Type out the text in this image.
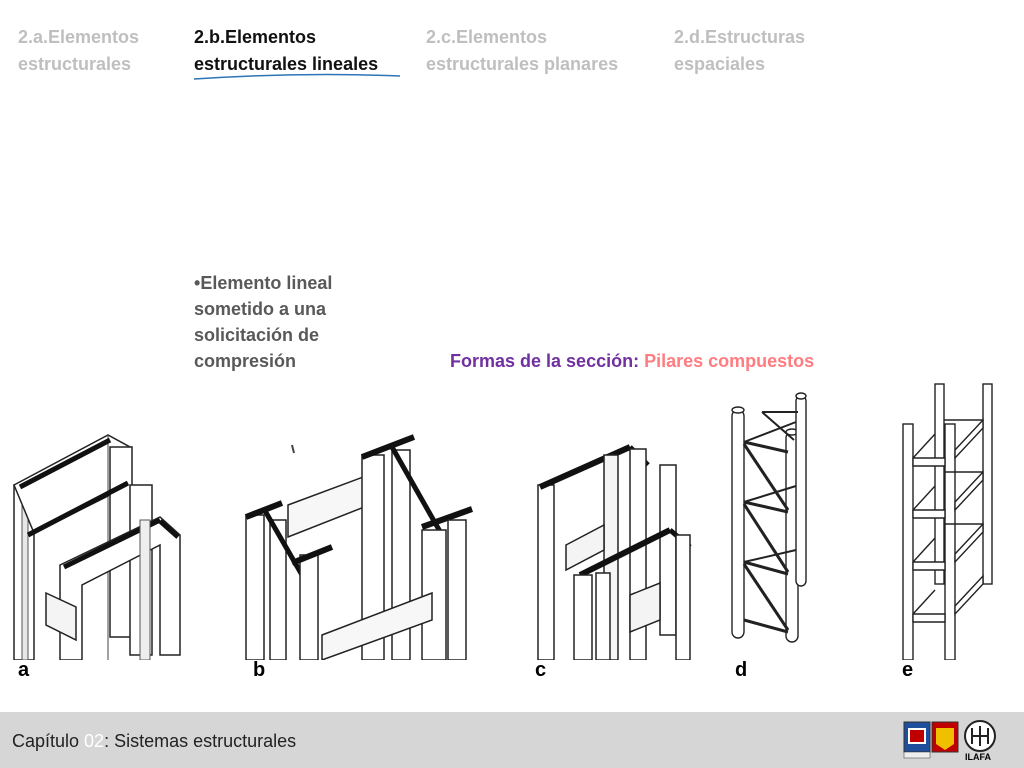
2.a.Elementos
estructurales
2.b.Elementos
estructurales lineales
2.c.Elementos
estructurales planares
2.d.Estructuras
espaciales
•Elemento lineal sometido a una solicitación de compresión	Formas de la sección: Pilares compuestos
a	b	c	d	e
Capítulo 02: Sistemas estructurales
ILAFA
